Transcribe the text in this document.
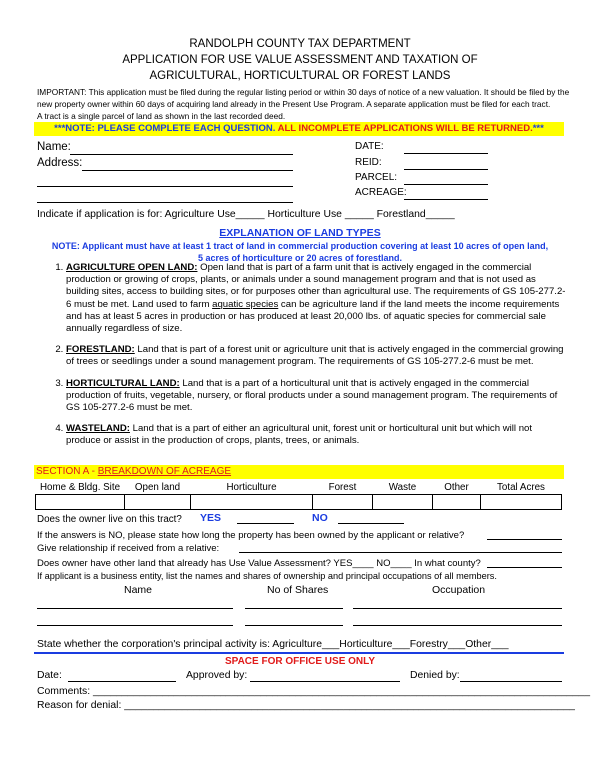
RANDOLPH COUNTY TAX DEPARTMENT
APPLICATION FOR USE VALUE ASSESSMENT AND TAXATION OF
AGRICULTURAL, HORTICULTURAL OR FOREST LANDS
IMPORTANT: This application must be filed during the regular listing period or within 30 days of notice of a new valuation. It should be filed by the
new property owner within 60 days of acquiring land already in the Present Use Program. A separate application must be filed for each tract.
A tract is a single parcel of land as shown in the last recorded deed.
***NOTE: PLEASE COMPLETE EACH QUESTION. ALL INCOMPLETE APPLICATIONS WILL BE RETURNED.***
Name:
Address:
DATE:
REID:
PARCEL:
ACREAGE:
Indicate if application is for: Agriculture Use_____ Horticulture Use _____ Forestland_____
EXPLANATION OF LAND TYPES
NOTE: Applicant must have at least 1 tract of land in commercial production covering at least 10 acres of open land,
5 acres of horticulture or 20 acres of forestland.
1. AGRICULTURE OPEN LAND: Open land that is part of a farm unit that is actively engaged in the commercial production or growing of crops, plants, or animals under a sound management program and that is not used as building sites, access to building sites, or for purposes other than agricultural use. The requirements of GS 105-277.2-6 must be met. Land used to farm aquatic species can be agriculture land if the land meets the income requirements and has at least 5 acres in production or has produced at least 20,000 lbs. of aquatic species for commercial sale annually regardless of size.
2. FORESTLAND: Land that is part of a forest unit or agriculture unit that is actively engaged in the commercial growing of trees or seedlings under a sound management program. The requirements of GS 105-277.2-6 must be met.
3. HORTICULTURAL LAND: Land that is a part of a horticultural unit that is actively engaged in the commercial production of fruits, vegetable, nursery, or floral products under a sound management program. The requirements of GS 105-277.2-6 must be met.
4. WASTELAND: Land that is a part of either an agricultural unit, forest unit or horticultural unit but which will not produce or assist in the production of crops, plants, trees, or animals.
SECTION A - BREAKDOWN OF ACREAGE
Home & Bldg. Site	Open land	Horticulture	Forest	Waste	Other	Total Acres

Does the owner live on this tract? YES	NO
If the answers is NO, please state how long the property has been owned by the applicant or relative?
Give relationship if received from a relative:
Does owner have other land that already has Use Value Assessment? YES____ NO____ In what county?
If applicant is a business entity, list the names and shares of ownership and principal occupations of all members.
Name	No of Shares	Occupation
State whether the corporation's principal activity is: Agriculture___Horticulture___Forestry___Other___
SPACE FOR OFFICE USE ONLY
Date:	Approved by:	Denied by:
Comments: ______________________________________________________________________________________
Reason for denial: ______________________________________________________________________________
